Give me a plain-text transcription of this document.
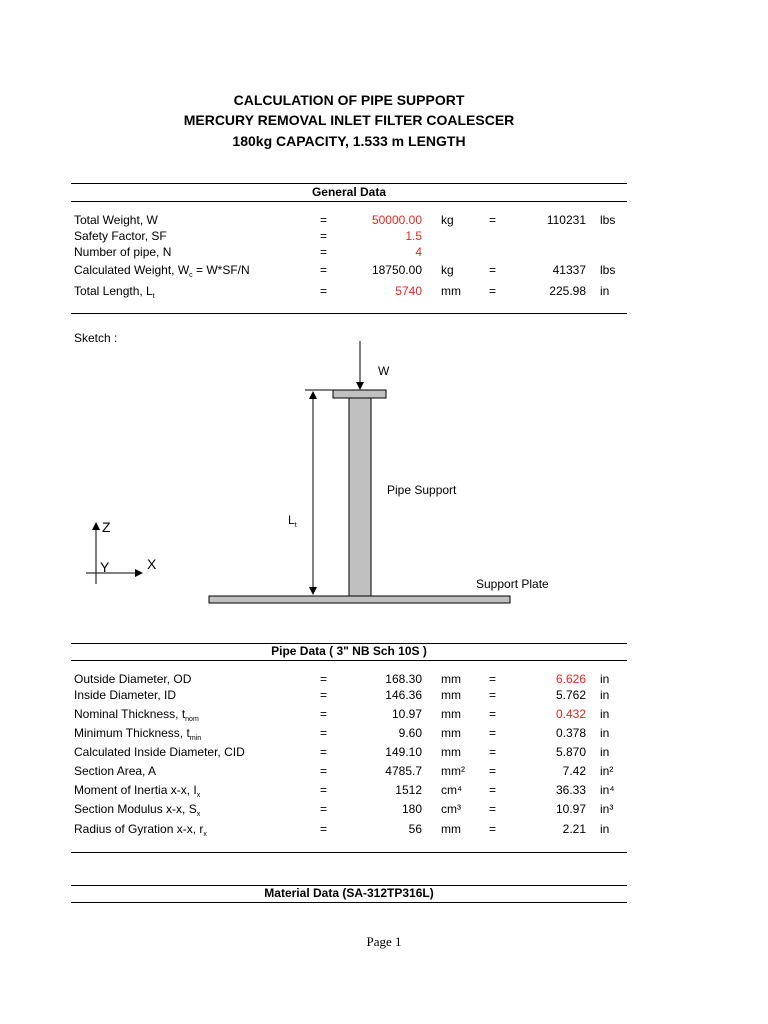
CALCULATION OF PIPE SUPPORT
MERCURY REMOVAL INLET FILTER COALESCER
180kg CAPACITY, 1.533 m LENGTH
General Data
Total Weight, W	=	50000.00 kg	=	110231 lbs
Safety Factor, SF	=	1.5
Number of pipe, N	=	4
Calculated Weight, $W_c = W*SF/N$	=	18750.00 kg	=	41337 lbs
Total Length, $L_t$	=	5740 mm =	225.98 in
Sketch :
W
$L_t$
Pipe Support
Support Plate
Z
Y	X
Pipe Data ( 3" NB Sch 10S )
Outside Diameter, OD	=	168.30 mm =	6.626 in
Inside Diameter, ID	=	146.36 mm =	5.762 in
Nominal Thickness, $t_{nom}$	=	10.97 mm =	0.432 in
Minimum Thickness, $t_{min}$	=	9.60 mm =	0.378 in
Calculated Inside Diameter, CID	=	149.10 mm =	5.870 in
Section Area, A	=	4785.7 mm² =	7.42 in²
Moment of Inertia x-x, $I_x$	=	1512 cm⁴ =	36.33 in⁴
Section Modulus x-x, $S_x$	=	180 cm³ =	10.97 in³
Radius of Gyration x-x, $r_x$	=	56 mm =	2.21 in
Material Data (SA-312TP316L)
Page 1
